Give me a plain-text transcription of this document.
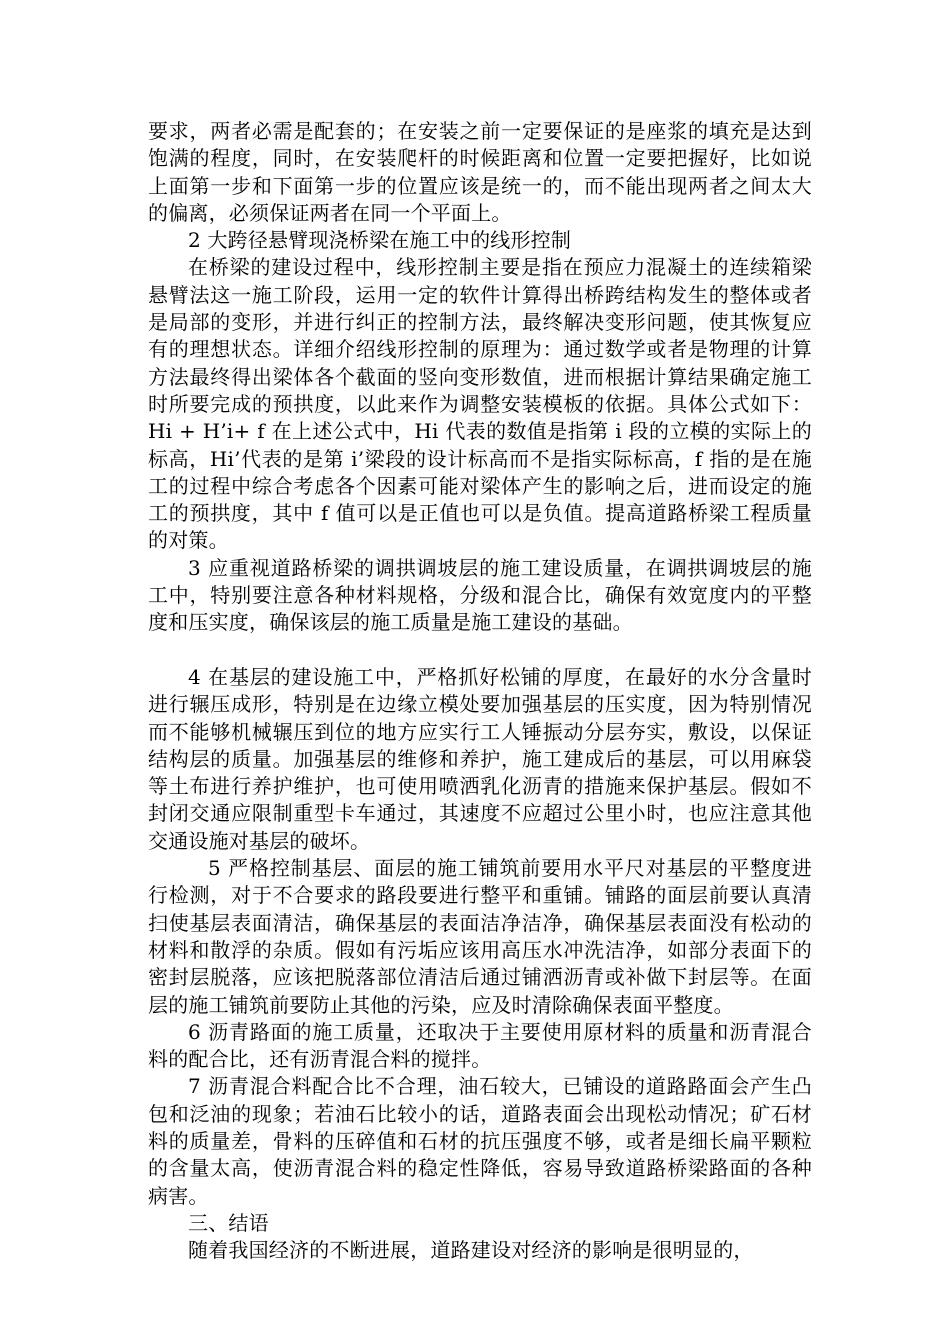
要求，两者必需是配套的；在安装之前一定要保证的是座浆的填充是达到饱满的程度，同时，在安装爬杆的时候距离和位置一定要把握好，比如说上面第一步和下面第一步的位置应该是统一的，而不能出现两者之间太大的偏离，必须保证两者在同一个平面上。

2 大跨径悬臂现浇桥梁在施工中的线形控制

在桥梁的建设过程中，线形控制主要是指在预应力混凝土的连续箱梁悬臂法这一施工阶段，运用一定的软件计算得出桥跨结构发生的整体或者是局部的变形，并进行纠正的控制方法，最终解决变形问题，使其恢复应有的理想状态。详细介绍线形控制的原理为：通过数学或者是物理的计算方法最终得出梁体各个截面的竖向变形数值，进而根据计算结果确定施工时所要完成的预拱度，以此来作为调整安装模板的依据。具体公式如下：Hi + H’i+ f 在上述公式中，Hi 代表的数值是指第 i 段的立模的实际上的标高，Hi’代表的是第 i’梁段的设计标高而不是指实际标高，f 指的是在施工的过程中综合考虑各个因素可能对梁体产生的影响之后，进而设定的施工的预拱度，其中 f 值可以是正值也可以是负值。提高道路桥梁工程质量的对策。

3 应重视道路桥梁的调拱调坡层的施工建设质量，在调拱调坡层的施工中，特别要注意各种材料规格，分级和混合比，确保有效宽度内的平整度和压实度，确保该层的施工质量是施工建设的基础。

4 在基层的建设施工中，严格抓好松铺的厚度，在最好的水分含量时进行辗压成形，特别是在边缘立模处要加强基层的压实度，因为特别情况而不能够机械辗压到位的地方应实行工人锤振动分层夯实，敷设，以保证结构层的质量。加强基层的维修和养护，施工建成后的基层，可以用麻袋等土布进行养护维护，也可使用喷洒乳化沥青的措施来保护基层。假如不封闭交通应限制重型卡车通过，其速度不应超过公里小时，也应注意其他交通设施对基层的破坏。

5 严格控制基层、面层的施工铺筑前要用水平尺对基层的平整度进行检测，对于不合要求的路段要进行整平和重铺。铺路的面层前要认真清扫使基层表面清洁，确保基层的表面洁净洁净，确保基层表面没有松动的材料和散浮的杂质。假如有污垢应该用高压水冲洗洁净，如部分表面下的密封层脱落，应该把脱落部位清洁后通过铺洒沥青或补做下封层等。在面层的施工铺筑前要防止其他的污染，应及时清除确保表面平整度。

6 沥青路面的施工质量，还取决于主要使用原材料的质量和沥青混合料的配合比，还有沥青混合料的搅拌。

7 沥青混合料配合比不合理，油石较大，已铺设的道路路面会产生凸包和泛油的现象；若油石比较小的话，道路表面会出现松动情况；矿石材料的质量差，骨料的压碎值和石材的抗压强度不够，或者是细长扁平颗粒的含量太高，使沥青混合料的稳定性降低，容易导致道路桥梁路面的各种病害。

三、结语

随着我国经济的不断进展，道路建设对经济的影响是很明显的，
